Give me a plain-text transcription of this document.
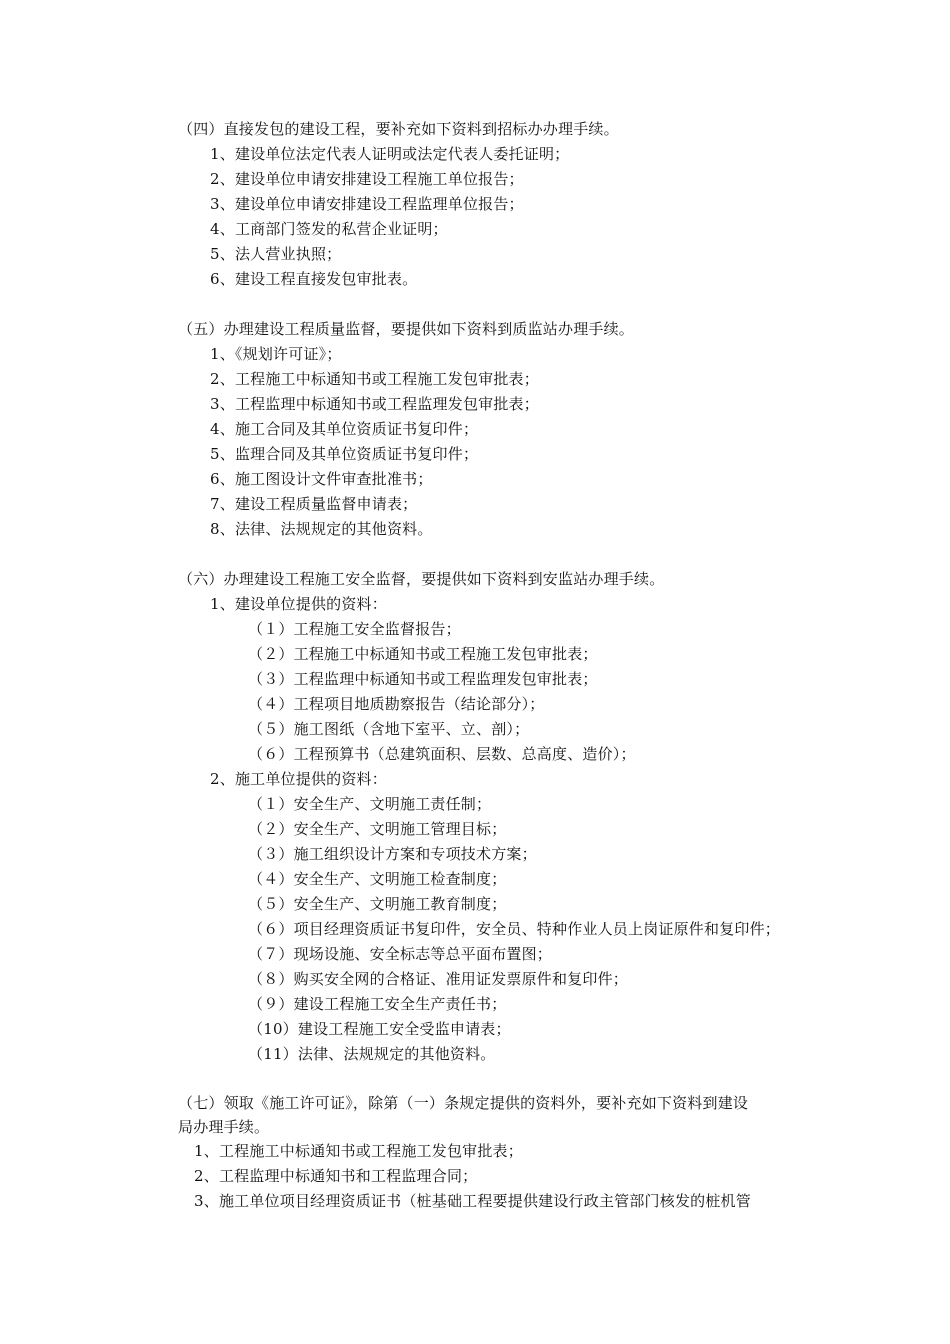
（四）直接发包的建设工程，要补充如下资料到招标办办理手续。
1、建设单位法定代表人证明或法定代表人委托证明；
2、建设单位申请安排建设工程施工单位报告；
3、建设单位申请安排建设工程监理单位报告；
4、工商部门签发的私营企业证明；
5、法人营业执照；
6、建设工程直接发包审批表。
（五）办理建设工程质量监督，要提供如下资料到质监站办理手续。
1、《规划许可证》；
2、工程施工中标通知书或工程施工发包审批表；
3、工程监理中标通知书或工程监理发包审批表；
4、施工合同及其单位资质证书复印件；
5、监理合同及其单位资质证书复印件；
6、施工图设计文件审查批准书；
7、建设工程质量监督申请表；
8、法律、法规规定的其他资料。
（六）办理建设工程施工安全监督，要提供如下资料到安监站办理手续。
1、建设单位提供的资料：
（１）工程施工安全监督报告；
（２）工程施工中标通知书或工程施工发包审批表；
（３）工程监理中标通知书或工程监理发包审批表；
（４）工程项目地质勘察报告（结论部分）；
（５）施工图纸（含地下室平、立、剖）；
（６）工程预算书（总建筑面积、层数、总高度、造价）；
2、施工单位提供的资料：
（１）安全生产、文明施工责任制；
（２）安全生产、文明施工管理目标；
（３）施工组织设计方案和专项技术方案；
（４）安全生产、文明施工检查制度；
（５）安全生产、文明施工教育制度；
（６）项目经理资质证书复印件，安全员、特种作业人员上岗证原件和复印件；
（７）现场设施、安全标志等总平面布置图；
（８）购买安全网的合格证、准用证发票原件和复印件；
（９）建设工程施工安全生产责任书；
（10）建设工程施工安全受监申请表；
（11）法律、法规规定的其他资料。
（七）领取《施工许可证》，除第（一）条规定提供的资料外，要补充如下资料到建设
局办理手续。
1、工程施工中标通知书或工程施工发包审批表；
2、工程监理中标通知书和工程监理合同；
3、施工单位项目经理资质证书（桩基础工程要提供建设行政主管部门核发的桩机管
